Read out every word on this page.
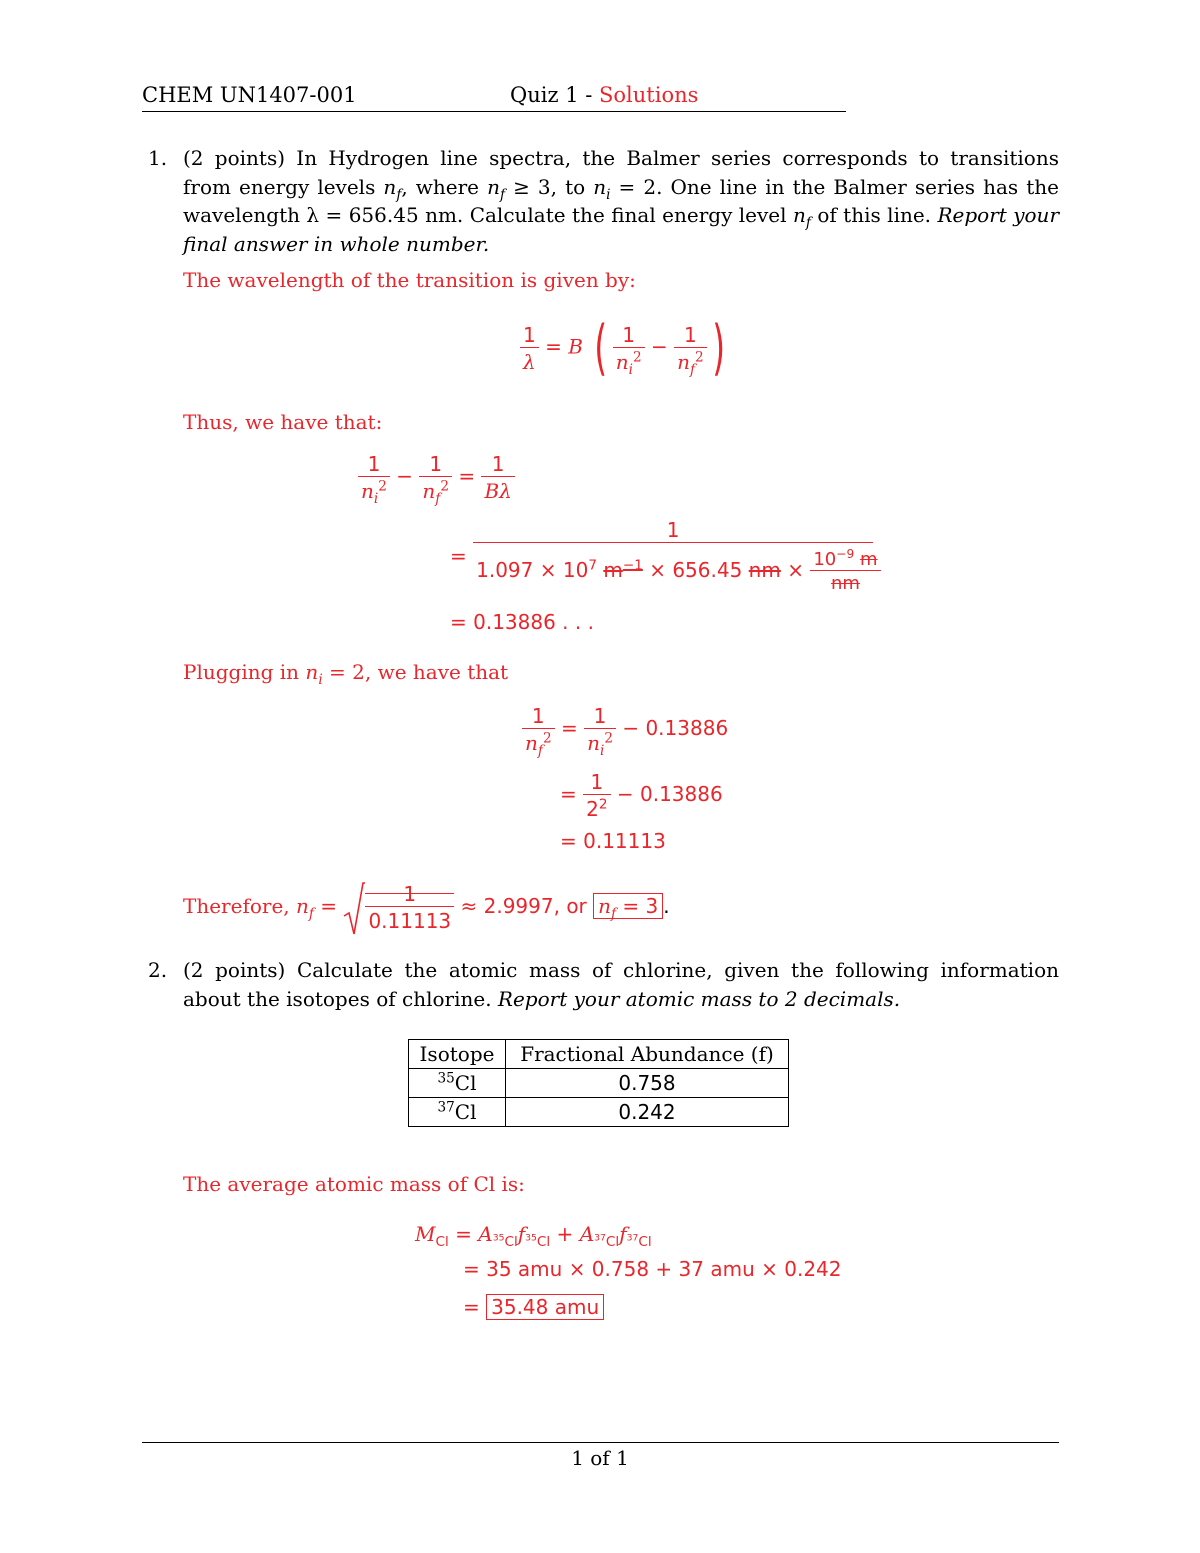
CHEM UN1407-001	Quiz 1 - Solutions
1. (2 points) In Hydrogen line spectra, the Balmer series corresponds to transitions from energy levels $n_f$, where $n_f \ge 3$, to $n_i = 2$. One line in the Balmer series has the wavelength λ = 656.45 nm. Calculate the final energy level $n_f$ of this line. Report your final answer in whole number.
The wavelength of the transition is given by:
$\frac{1}{\lambda} = B$ ( $\frac{1}{n_i^2} - \frac{1}{n_f^2}$ )
Thus, we have that:
$\frac{1}{n_i^2} - \frac{1}{n_f^2} = \frac{1}{B\lambda}$
=
1
$1.097 \times 10^7$ $m^{-1} \times 656.45$ nm × $\frac{10^{-9} m}{nm}$
= 0.13886 . . .
Plugging in $n_i = 2$, we have that
$\frac{1}{n_f^2} = \frac{1}{n_i^2} - 0.13886$
= $\frac{1}{2^2} - 0.13886$
= 0.11113
Therefore, $n_f = \frac{1}{0.11113} \approx 2.9997$, or $n_f = 3$ .
2. (2 points) Calculate the atomic mass of chlorine, given the following information about the isotopes of chlorine. Report your atomic mass to 2 decimals.
Isotope	Fractional Abundance (f)
$^{35}$Cl	0.758
$^{37}$Cl	0.242
The average atomic mass of Cl is:
$M_{Cl} = A_{^{35}Cl}f_{^{35}Cl} + A_{^{37}Cl}f_{^{37}Cl}$
= 35 amu × 0.758 + 37 amu × 0.242
= 35.48 amu
1 of 1
